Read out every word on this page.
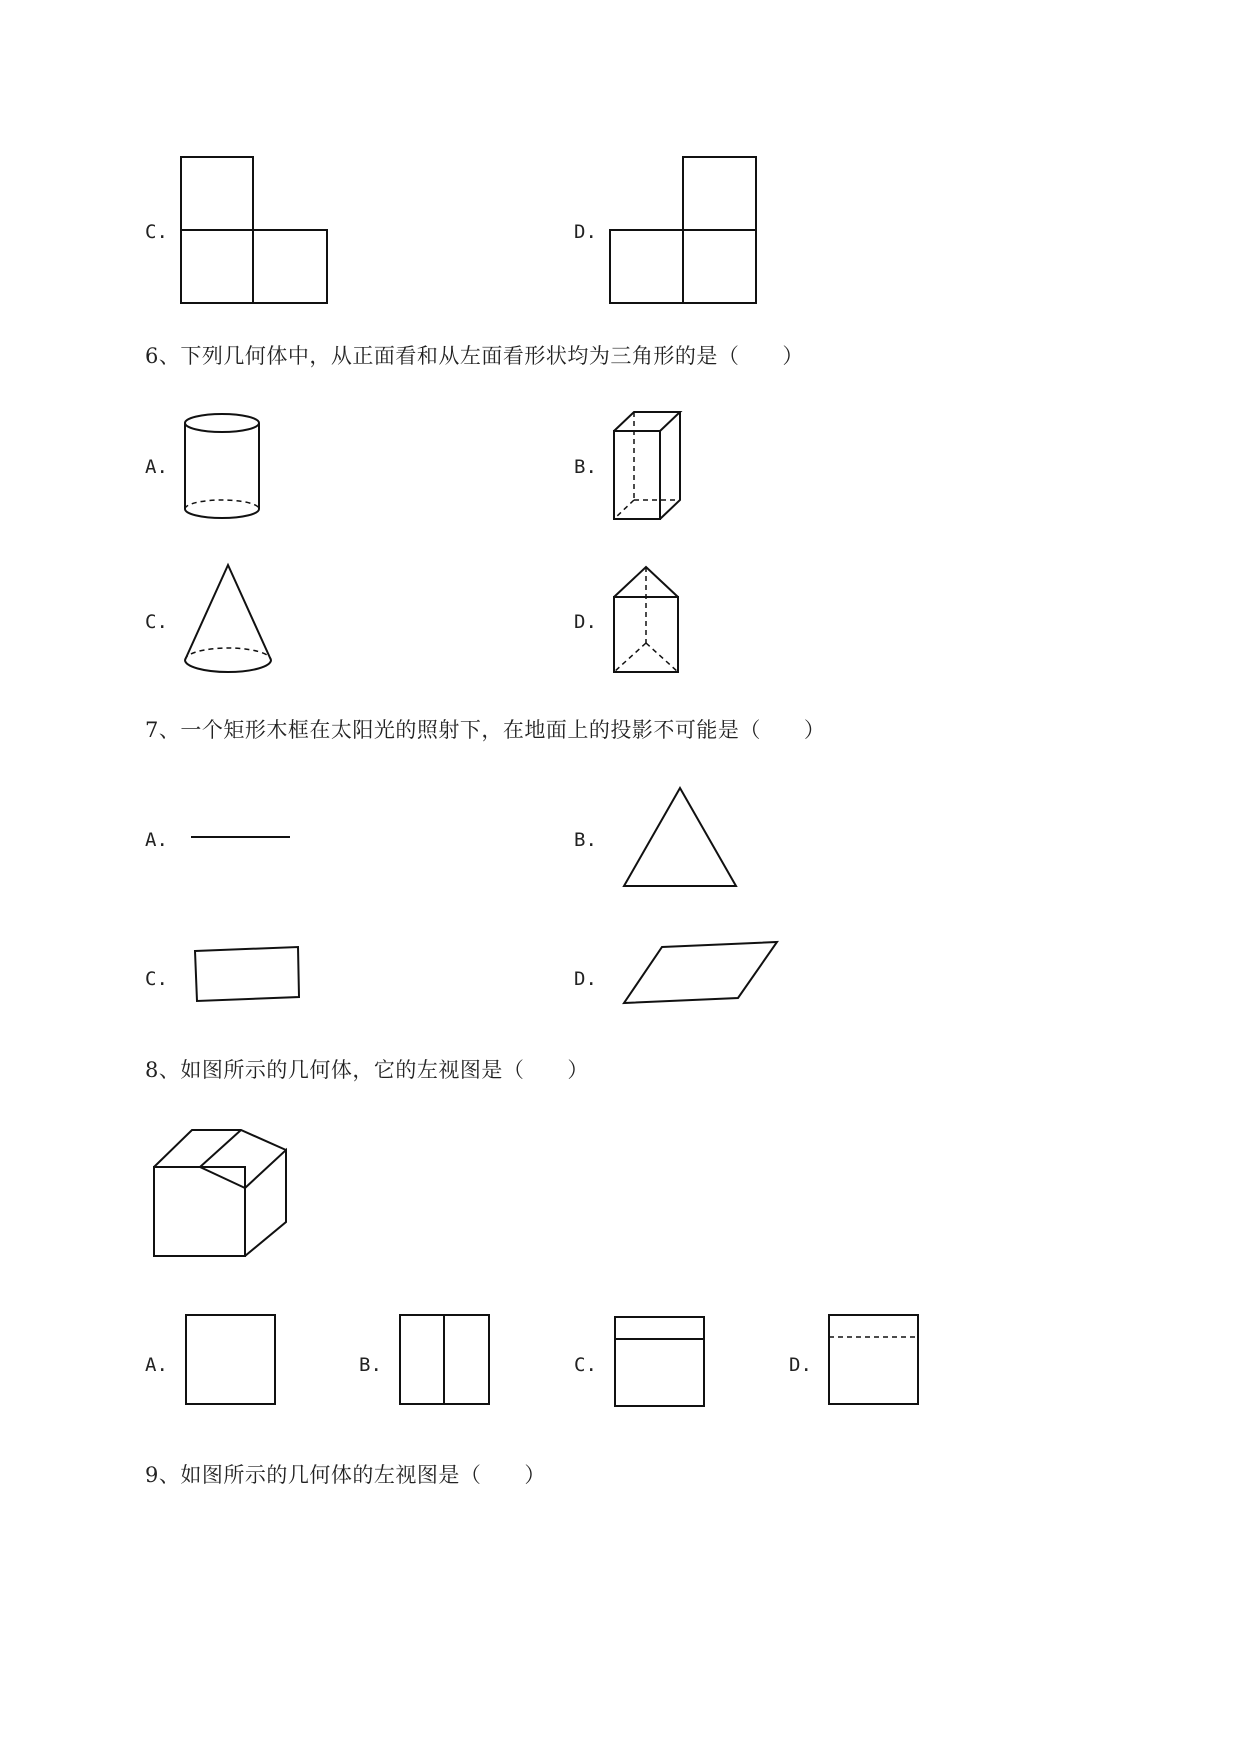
C.	D.
6、下列几何体中，从正面看和从左面看形状均为三角形的是（　　）
A.	B.
C.	D.
7、一个矩形木框在太阳光的照射下，在地面上的投影不可能是（　　）
A.	B.
C.	D.
8、如图所示的几何体，它的左视图是（　　）
A.	B.	C.	D.
9、如图所示的几何体的左视图是（　　）
